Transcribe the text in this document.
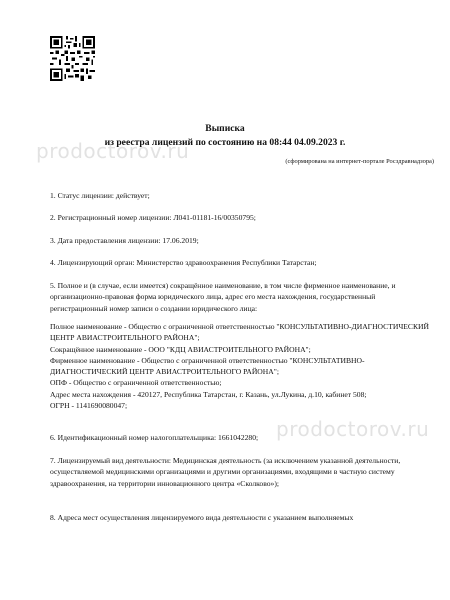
Выписка
из реестра лицензий по состоянию на 08:44 04.09.2023 г.
(сформирована на интернет-портале Росздравнадзора)

1. Статус лицензии: действует;

2. Регистрационный номер лицензии: Л041-01181-16/00350795;

3. Дата предоставления лицензии: 17.06.2019;

4. Лицензирующий орган: Министерство здравоохранения Республики Татарстан;

5. Полное и (в случае, если имеется) сокращённое наименование, в том числе фирменное наименование, и организационно-правовая форма юридического лица, адрес его места нахождения, государственный регистрационный номер записи о создании юридического лица:

Полное наименование - Общество с ограниченной ответственностью "КОНСУЛЬТАТИВНО-ДИАГНОСТИЧЕСКИЙ ЦЕНТР АВИАСТРОИТЕЛЬНОГО РАЙОНА";

Сокращённое наименование - ООО "КДЦ АВИАСТРОИТЕЛЬНОГО РАЙОНА";

Фирменное наименование - Общество с ограниченной ответственностью "КОНСУЛЬТАТИВНО-ДИАГНОСТИЧЕСКИЙ ЦЕНТР АВИАСТРОИТЕЛЬНОГО РАЙОНА";

ОПФ - Общество с ограниченной ответственностью;

Адрес места нахождения - 420127, Республика Татарстан, г. Казань, ул.Лукина, д.10, кабинет 508;

ОГРН - 1141690080047;

6. Идентификационный номер налогоплательщика: 1661042280;

7. Лицензируемый вид деятельности: Медицинская деятельность (за исключением указанной деятельности, осуществляемой медицинскими организациями и другими организациями, входящими в частную систему здравоохранения, на территории инновационного центра «Сколково»);

8. Адреса мест осуществления лицензируемого вида деятельности с указанием выполняемых

prodoctorov.ru
prodoctorov.ru
